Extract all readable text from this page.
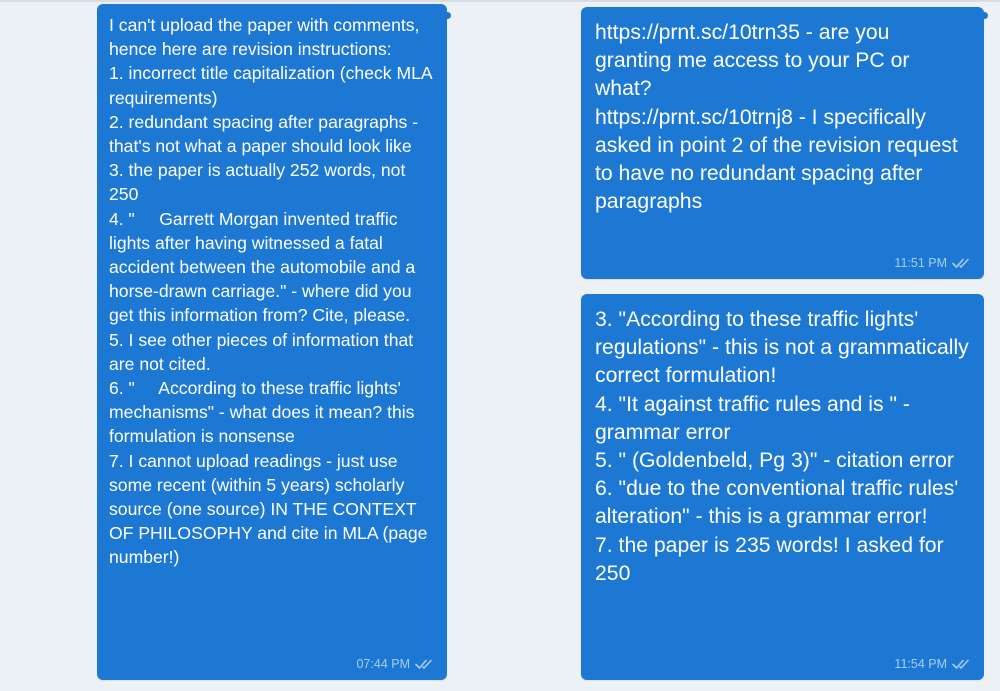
I can't upload the paper with comments, hence here are revision instructions:
1. incorrect title capitalization (check MLA requirements)
2. redundant spacing after paragraphs - that's not what a paper should look like
3. the paper is actually 252 words, not 250
4. "     Garrett Morgan invented traffic lights after having witnessed a fatal accident between the automobile and a horse-drawn carriage." - where did you get this information from? Cite, please.
5. I see other pieces of information that are not cited.
6. "     According to these traffic lights' mechanisms" - what does it mean? this formulation is nonsense
7. I cannot upload readings - just use some recent (within 5 years) scholarly source (one source) IN THE CONTEXT OF PHILOSOPHY and cite in MLA (page number!)
07:44 PM
https://prnt.sc/10trn35 - are you granting me access to your PC or what?
https://prnt.sc/10trnj8 - I specifically asked in point 2 of the revision request to have no redundant spacing after paragraphs
11:51 PM
3. "According to these traffic lights' regulations" - this is not a grammatically correct formulation!
4. "It against traffic rules and is " - grammar error
5. " (Goldenbeld, Pg 3)" - citation error
6. "due to the conventional traffic rules' alteration" - this is a grammar error!
7. the paper is 235 words! I asked for 250
11:54 PM
